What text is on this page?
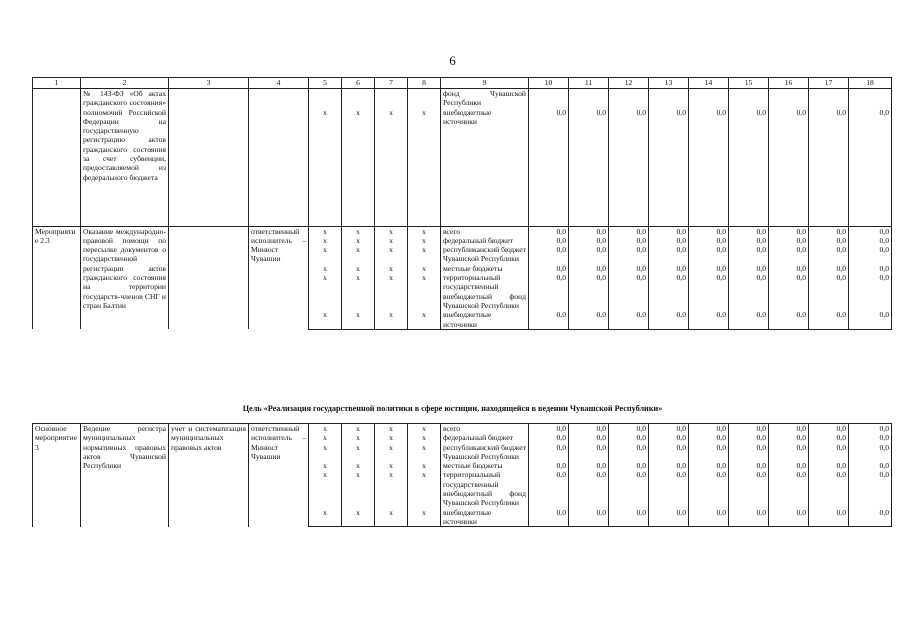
6
1	2	3	4	5	6	7	8	9	10	11	12	13	14	15	16	17	18
	№ 143-ФЗ «Об актах гражданского состояния» полномочий Российской Федерации на государственную регистрацию актов гражданского состояния за счет субвенции, предоставляемой из федерального бюджета							фонд Чувашской Республики									
				x	x	x	x	внебюджетные источники	0,0	0,0	0,0	0,0	0,0	0,0	0,0	0,0	0,0
Мероприятие 2.3	Оказание международно-правовой помощи по пересылке документов о государственной регистрации актов гражданского состояния на территории государств-членов СНГ и стран Балтии		ответственный исполнитель – Минюст Чувашии	x	x	x	x	всего	0,0	0,0	0,0	0,0	0,0	0,0	0,0	0,0	0,0
				x	x	x	x	федеральный бюджет	0,0	0,0	0,0	0,0	0,0	0,0	0,0	0,0	0,0
				x	x	x	x	республиканский бюджет Чувашской Республики	0,0	0,0	0,0	0,0	0,0	0,0	0,0	0,0	0,0
				x	x	x	x	местные бюджеты	0,0	0,0	0,0	0,0	0,0	0,0	0,0	0,0	0,0
				x	x	x	x	территориальный государственный внебюджетный фонд Чувашской Республики	0,0	0,0	0,0	0,0	0,0	0,0	0,0	0,0	0,0
				x	x	x	x	внебюджетные источники	0,0	0,0	0,0	0,0	0,0	0,0	0,0	0,0	0,0
Цель «Реализация государственной политики в сфере юстиции, находящейся в ведении Чувашской Республики»
Основное мероприятие 3	Ведение регистра муниципальных нормативных правовых актов Чувашской Республики	учет и систематизация муниципальных правовых актов	ответственный исполнитель – Минюст Чувашии	x	x	x	x	всего	0,0	0,0	0,0	0,0	0,0	0,0	0,0	0,0	0,0
				x	x	x	x	федеральный бюджет	0,0	0,0	0,0	0,0	0,0	0,0	0,0	0,0	0,0
				x	x	x	x	республиканский бюджет Чувашской Республики	0,0	0,0	0,0	0,0	0,0	0,0	0,0	0,0	0,0
				x	x	x	x	местные бюджеты	0,0	0,0	0,0	0,0	0,0	0,0	0,0	0,0	0,0
				x	x	x	x	территориальный государственный внебюджетный фонд Чувашской Республики	0,0	0,0	0,0	0,0	0,0	0,0	0,0	0,0	0,0
				x	x	x	x	внебюджетные источники	0,0	0,0	0,0	0,0	0,0	0,0	0,0	0,0	0,0
